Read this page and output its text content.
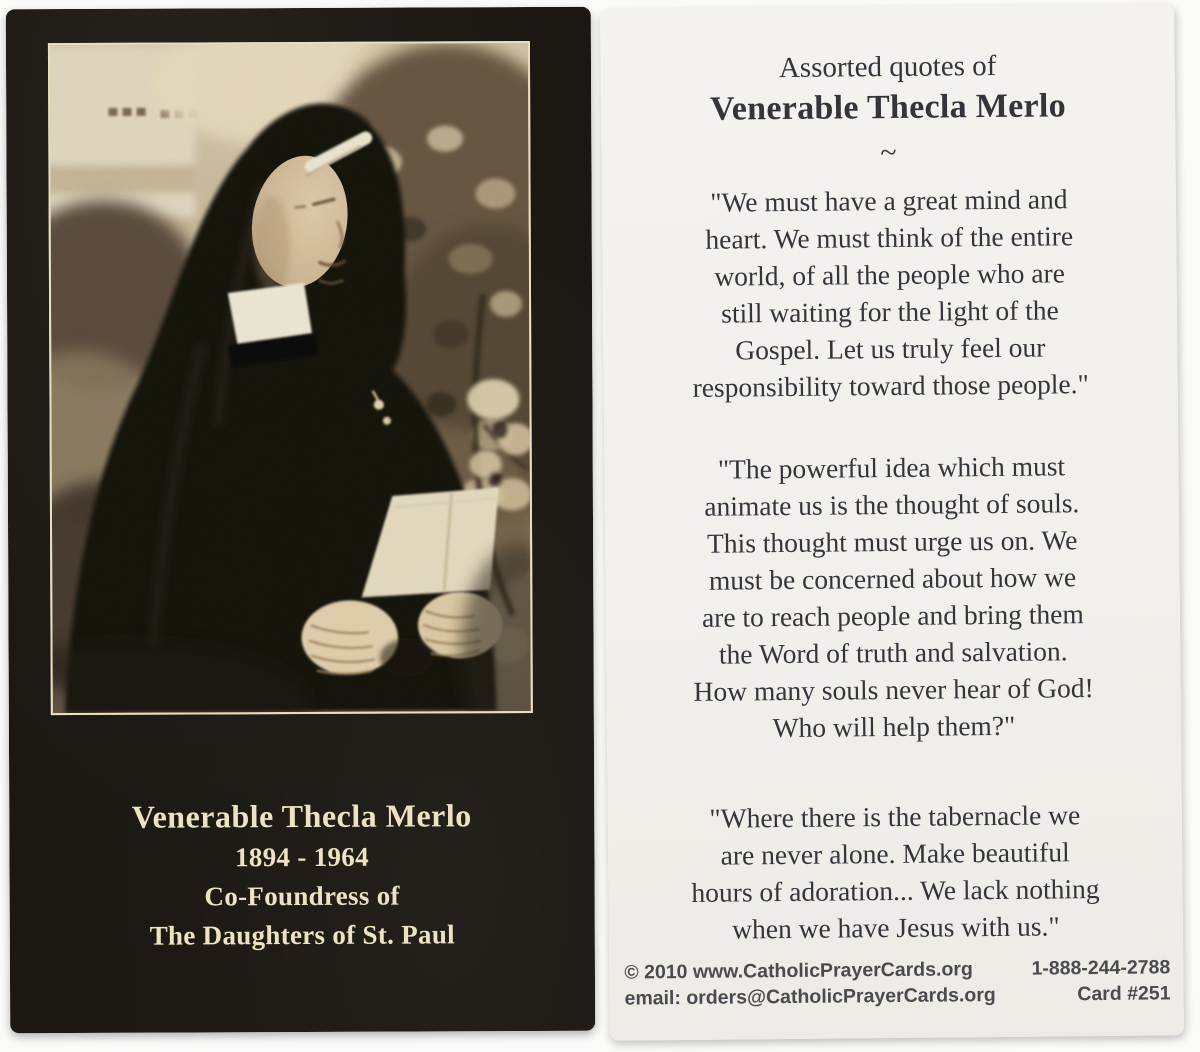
Venerable Thecla Merlo
1894 - 1964
Co-Foundress of
The Daughters of St. Paul
Assorted quotes of
Venerable Thecla Merlo
~

"We must have a great mind and
heart. We must think of the entire
world, of all the people who are
still waiting for the light of the
Gospel. Let us truly feel our
responsibility toward those people."

"The powerful idea which must
animate us is the thought of souls.
This thought must urge us on. We
must be concerned about how we
are to reach people and bring them
the Word of truth and salvation.
How many souls never hear of God!
Who will help them?"

"Where there is the tabernacle we
are never alone. Make beautiful
hours of adoration... We lack nothing
when we have Jesus with us."

© 2010 www.CatholicPrayerCards.org
email: orders@CatholicPrayerCards.org
1-888-244-2788
Card #251
